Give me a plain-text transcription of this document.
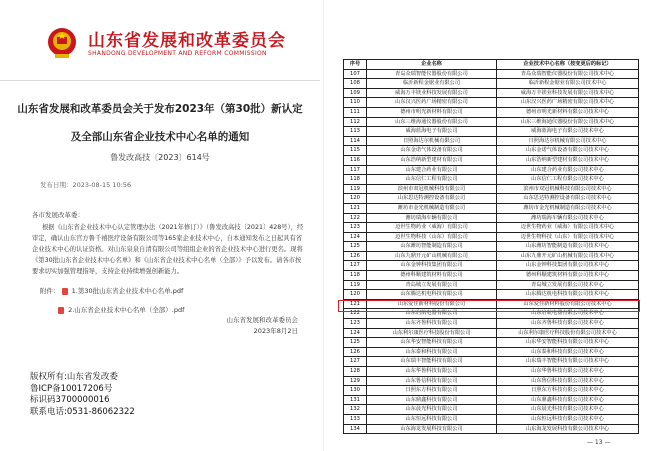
山东省发展和改革委员会
SHANDONG DEVELOPMENT AND REFORM COMMISSION
山东省发展和改革委员会关于发布2023年（第30批）新认定
及全部山东省企业技术中心名单的通知
鲁发改高技〔2023〕614号
发布日期：2023-08-15 10:56
各市发展改革委：
根据《山东省企业技术中心认定管理办法（2021年修订）》（鲁发改高技〔2021〕428号），经审定，确认山东官方鲁千禧医疗设备有限公司等165家企业技术中心，自本通知发布之日起具有省企业技术中心的认证资格。对山东泉泉自清有限公司等组组企业的省企业技术中心进行更名。现将《第30批山东省企业技术中心名单》和《山东省企业技术中心名单（全部）》予以发布。请各市按要求切实加强管理指导，支持企业持续增强创新能力。
附件： 1.第30批山东省企业技术中心名单.pdf
2.山东省企业技术中心名单（全部）.pdf
山东省发展和改革委员会
2023年8月2日
版权所有:山东省发改委
鲁ICP备10017206号
标识码3700000016
联系电话:0531-86062322
序号	企业名称	企业技术中心名称（按变更后的标记）
107	青岛众瑞智能仪器股份有限公司	青岛众瑞智能仪器股份有限公司技术中心
108	临沂新程金锯业有限公司	临沂新程金锯业有限公司技术中心
109	威海万丰镁业科技发展有限公司	威海万丰镁业科技发展有限公司技术中心
110	山东汉兴医药广场精密有限公司	山东汉兴医药广场精密有限公司技术中心
111	德州市明光新材料有限公司	德州市明光新材料有限公司技术中心
112	山东三维海通仪器股份有限公司	山东三维海通仪器股份有限公司技术中心
113	威海蓝海电子有限公司	威海蓝海电子有限公司技术中心
114	日照海达尔机械有限公司	日照海达尔机械有限公司技术中心
115	山东金诺气体设备有限公司	山东金诺气体设备有限公司技术中心
116	山东浩纳新型建材有限公司	山东浩纳新型建材有限公司技术中心
117	山东建合药业有限公司	山东建合药业有限公司技术中心
118	山东信仁工程有限公司	山东信仁工程有限公司技术中心
119	滨州市双冠机械科技有限公司	滨州市双冠机械科技有限公司技术中心
120	山东思达特测控设备有限公司	山东思达特测控设备有限公司技术中心
121	潍坊市金光机械制造有限公司	潍坊市金光机械制造有限公司技术中心
122	潍坊瑞海车辆有限公司	潍坊瑞海车辆有限公司技术中心
123	迈世生物药业（威海）有限公司	迈世生物药业（威海）有限公司技术中心
124	迈世生物科技（山东）有限公司	迈世生物科技（山东）有限公司技术中心
125	山东潍坊智能制造有限公司	山东潍坊智能制造有限公司技术中心
126	山东九鼎开元矿山机械有限公司	山东九鼎开元矿山机械有限公司技术中心
127	山东金钟科技集团有限公司	山东金钟科技集团有限公司技术中心
118	德州科顺建筑材料有限公司	德州科顺建筑材料有限公司技术中心
119	青岛城立发展有限公司	青岛城立发展有限公司技术中心
120	山东腾达机电科技有限公司	山东腾达机电科技有限公司技术中心
121	山东爱佳新材料股份有限公司	山东爱佳新材料股份有限公司技术中心
122	山东启航电器有限公司	山东启航电器有限公司技术中心
123	山东齐鲁科技有限公司	山东齐鲁科技有限公司技术中心
124	山东利尔康医疗科技股份有限公司	山东利尔康医疗科技股份有限公司技术中心
125	山东华安智能科技有限公司	山东华安智能科技有限公司技术中心
126	山东泰和科技有限公司	山东泰和科技有限公司技术中心
127	山东瑞丰智能科技有限公司	山东瑞丰智能科技有限公司技术中心
128	山东华鲁科技有限公司	山东华鲁科技有限公司技术中心
129	山东鲁信科技有限公司	山东鲁信科技有限公司技术中心
130	日照东方科技有限公司	日照东方科技有限公司技术中心
131	山东鼎鑫科技有限公司	山东鼎鑫科技有限公司技术中心
132	山东晨光科技有限公司	山东晨光科技有限公司技术中心
133	山东恒远科技有限公司	山东恒远科技有限公司技术中心
134	山东海龙发展科技有限公司	山东海龙发展科技有限公司技术中心
— 13 —
